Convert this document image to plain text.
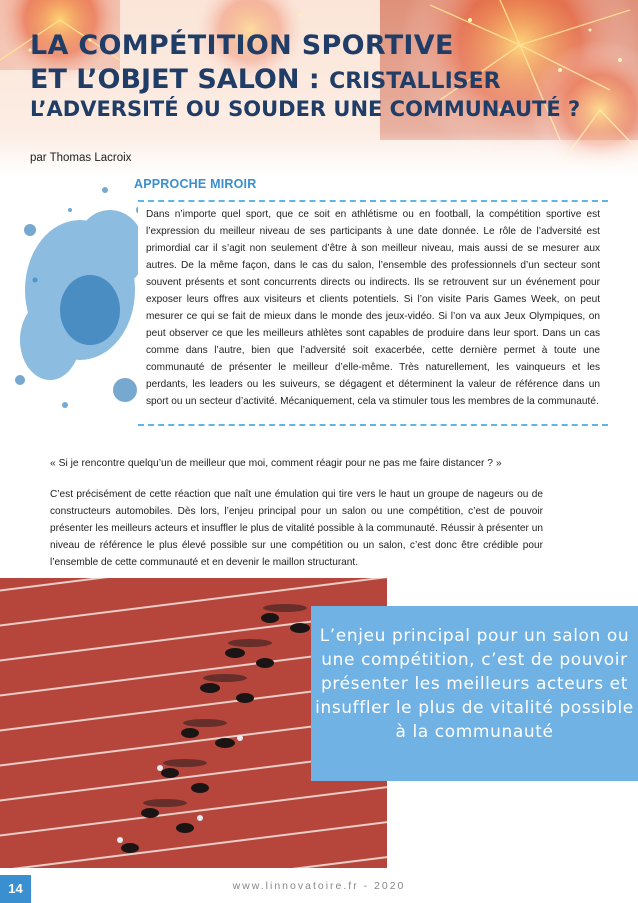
LA COMPÉTITION SPORTIVE
ET L’OBJET SALON : CRISTALLISER
L’ADVERSITÉ OU SOUDER UNE COMMUNAUTÉ ?
par Thomas Lacroix
APPROCHE MIROIR

Dans n’importe quel sport, que ce soit en athlétisme ou en football, la compétition sportive est l’expression du meilleur niveau de ses participants à une date donnée. Le rôle de l’adversité est primordial car il s’agit non seulement d’être à son meilleur niveau, mais aussi de se mesurer aux autres. De la même façon, dans le cas du salon, l’ensemble des professionnels d’un secteur sont souvent présents et sont concurrents directs ou indirects. Ils se retrouvent sur un événement pour exposer leurs offres aux visiteurs et clients potentiels. Si l’on visite Paris Games Week, on peut mesurer ce qui se fait de mieux dans le monde des jeux-vidéo. Si l’on va aux Jeux Olympiques, on peut observer ce que les meilleurs athlètes sont capables de produire dans leur sport. Dans un cas comme dans l’autre, bien que l’adversité soit exacerbée, cette dernière permet à toute une communauté de présenter le meilleur d’elle-même. Très naturellement, les vainqueurs et les perdants, les leaders ou les suiveurs, se dégagent et déterminent la valeur de référence dans un sport ou un secteur d’activité. Mécaniquement, cela va stimuler tous les membres de la communauté.

« Si je rencontre quelqu’un de meilleur que moi, comment réagir pour ne pas me faire distancer ? »

C’est précisément de cette réaction que naît une émulation qui tire vers le haut un groupe de nageurs ou de constructeurs automobiles. Dès lors, l’enjeu principal pour un salon ou une compétition, c’est de pouvoir présenter les meilleurs acteurs et insuffler le plus de vitalité possible à la communauté. Réussir à présenter un niveau de référence le plus élevé possible sur une compétition ou un salon, c’est donc être crédible pour l’ensemble de cette communauté et en devenir le maillon structurant.

L’enjeu principal pour un salon ou une compétition, c’est de pouvoir présenter les meilleurs acteurs et insuffler le plus de vitalité possible à la communauté

www.linnovatoire.fr - 2020
14
